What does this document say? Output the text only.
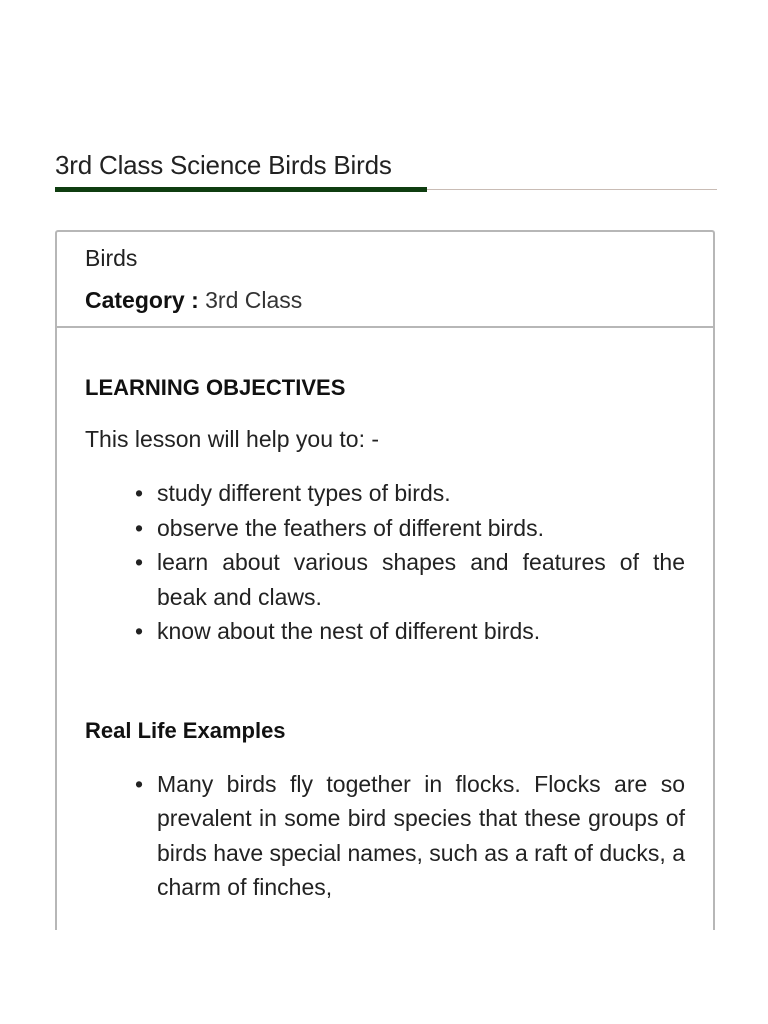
3rd Class Science Birds Birds
Birds
Category : 3rd Class
LEARNING OBJECTIVES

This lesson will help you to: -

• study different types of birds.
• observe the feathers of different birds.
• learn about various shapes and features of the beak and claws.
• know about the nest of different birds.
Real Life Examples
• Many birds fly together in flocks. Flocks are so prevalent in some bird species that these groups of birds have special names, such as a raft of ducks, a charm of finches,
